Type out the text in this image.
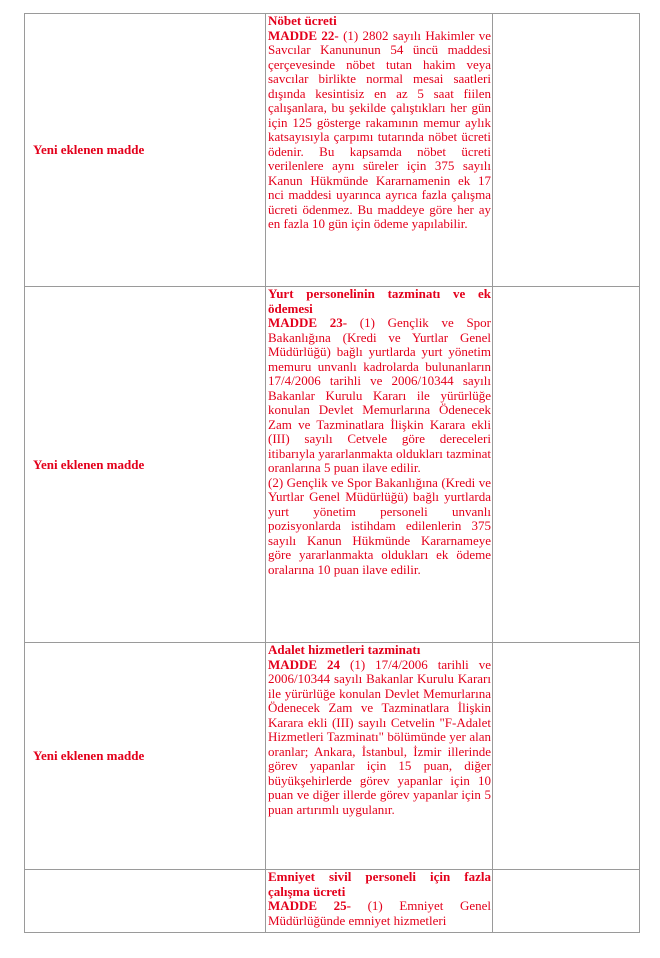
Yeni eklenen madde	Nöbet ücreti

MADDE 22- (1) 2802 sayılı Hakimler ve Savcılar Kanununun 54 üncü maddesi çerçevesinde nöbet tutan hakim veya savcılar birlikte normal mesai saatleri dışında kesintisiz en az 5 saat fiilen çalışanlara, bu şekilde çalıştıkları her gün için 125 gösterge rakamının memur aylık katsayısıyla çarpımı tutarında nöbet ücreti ödenir. Bu kapsamda nöbet ücreti verilenlere aynı süreler için 375 sayılı Kanun Hükmünde Kararnamenin ek 17 nci maddesi uyarınca ayrıca fazla çalışma ücreti ödenmez. Bu maddeye göre her ay en fazla 10 gün için ödeme yapılabilir.	

Yeni eklenen madde	Yurt personelinin tazminatı ve ek ödemesi

MADDE 23- (1) Gençlik ve Spor Bakanlığına (Kredi ve Yurtlar Genel Müdürlüğü) bağlı yurtlarda yurt yönetim memuru unvanlı kadrolarda bulunanların 17/4/2006 tarihli ve 2006/10344 sayılı Bakanlar Kurulu Kararı ile yürürlüğe konulan Devlet Memurlarına Ödenecek Zam ve Tazminatlara İlişkin Karara ekli (III) sayılı Cetvele göre dereceleri itibarıyla yararlanmakta oldukları tazminat oranlarına 5 puan ilave edilir.

(2) Gençlik ve Spor Bakanlığına (Kredi ve Yurtlar Genel Müdürlüğü) bağlı yurtlarda yurt yönetim personeli unvanlı pozisyonlarda istihdam edilenlerin 375 sayılı Kanun Hükmünde Kararnameye göre yararlanmakta oldukları ek ödeme oralarına 10 puan ilave edilir.	

Yeni eklenen madde	Adalet hizmetleri tazminatı

MADDE 24 (1) 17/4/2006 tarihli ve 2006/10344 sayılı Bakanlar Kurulu Kararı ile yürürlüğe konulan Devlet Memurlarına Ödenecek Zam ve Tazminatlara İlişkin Karara ekli (III) sayılı Cetvelin "F-Adalet Hizmetleri Tazminatı" bölümünde yer alan oranlar; Ankara, İstanbul, İzmir illerinde görev yapanlar için 15 puan, diğer büyükşehirlerde görev yapanlar için 10 puan ve diğer illerde görev yapanlar için 5 puan artırımlı uygulanır.	

	Emniyet sivil personeli için fazla çalışma ücreti

MADDE 25- (1) Emniyet Genel Müdürlüğünde emniyet hizmetleri	
